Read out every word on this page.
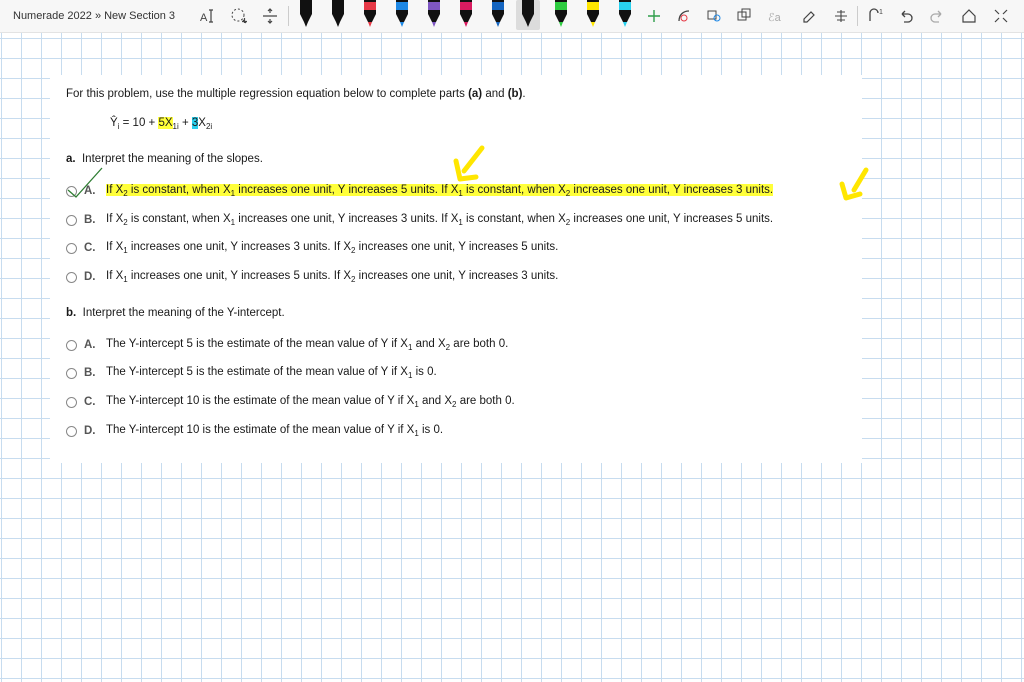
Numerade 2022 » New Section 3 A	ℰa	1
For this problem, use the multiple regression equation below to complete parts (a) and (b).
$Ŷ_i = 10 + 5X_{1i} + 3X_{2i}$
a. Interpret the meaning of the slopes.
A. If $X_2$ is constant, when $X_1$ increases one unit, Y increases 5 units. If $X_1$ is constant, when $X_2$ increases one unit, Y increases 3 units.
B. If $X_2$ is constant, when $X_1$ increases one unit, Y increases 3 units. If $X_1$ is constant, when $X_2$ increases one unit, Y increases 5 units.
C. If $X_1$ increases one unit, Y increases 3 units. If $X_2$ increases one unit, Y increases 5 units.
D. If $X_1$ increases one unit, Y increases 5 units. If $X_2$ increases one unit, Y increases 3 units.
b. Interpret the meaning of the Y-intercept.
A. The Y-intercept 5 is the estimate of the mean value of Y if $X_1$ and $X_2$ are both 0.
B. The Y-intercept 5 is the estimate of the mean value of Y if $X_1$ is 0.
C. The Y-intercept 10 is the estimate of the mean value of Y if $X_1$ and $X_2$ are both 0.
D. The Y-intercept 10 is the estimate of the mean value of Y if $X_1$ is 0.
